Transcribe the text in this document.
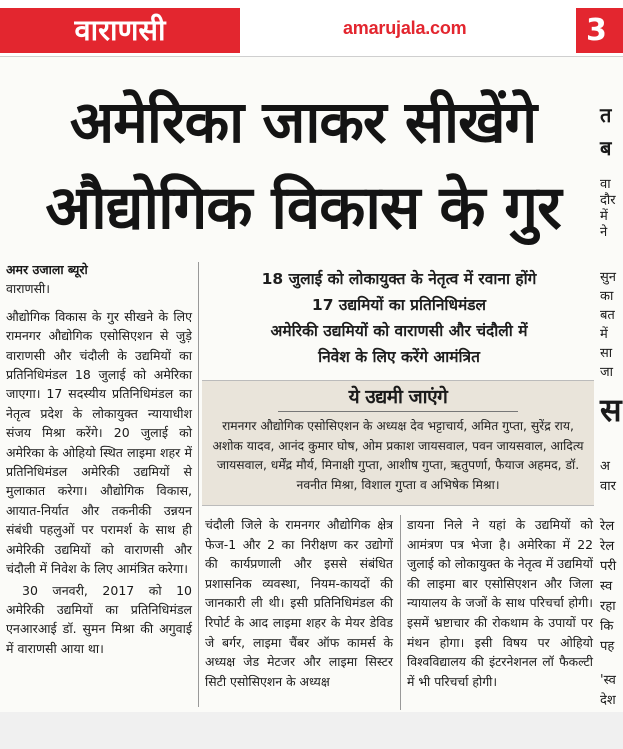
वाराणसी	amarujala.com	3
त
ब
वा
दौर
में
ने
सुन
का
बत
में
सा
जा
स
अ
वार
रेल
रेल
परी
स्व
रहा
कि
पह
'स्व
देश
अमेरिका जाकर सीखेंगे
औद्योगिक विकास के गुर
अमर उजाला ब्यूरो
वाराणसी।

औद्योगिक विकास के गुर सीखने के लिए रामनगर औद्योगिक एसोसिएशन से जुड़े वाराणसी और चंदौली के उद्यमियों का प्रतिनिधिमंडल 18 जुलाई को अमेरिका जाएगा। 17 सदस्यीय प्रतिनिधिमंडल का नेतृत्व प्रदेश के लोकायुक्त न्यायाधीश संजय मिश्रा करेंगे। 20 जुलाई को अमेरिका के ओहियो स्थित लाइमा शहर में प्रतिनिधिमंडल अमेरिकी उद्यमियों से मुलाकात करेगा। औद्योगिक विकास, आयात-निर्यात और तकनीकी उन्नयन संबंधी पहलुओं पर परामर्श के साथ ही अमेरिकी उद्यमियों को वाराणसी और चंदौली में निवेश के लिए आमंत्रित करेगा।

30 जनवरी, 2017 को 10 अमेरिकी उद्यमियों का प्रतिनिधिमंडल एनआरआई डॉ. सुमन मिश्रा की अगुवाई में वाराणसी आया था।

18 जुलाई को लोकायुक्त के नेतृत्व में रवाना होंगे
17 उद्यमियों का प्रतिनिधिमंडल
अमेरिकी उद्यमियों को वाराणसी और चंदौली में
निवेश के लिए करेंगे आमंत्रित
ये उद्यमी जाएंगे
रामनगर औद्योगिक एसोसिएशन के अध्यक्ष देव भट्टाचार्य, अमित गुप्ता, सुरेंद्र राय, अशोक यादव, आनंद कुमार घोष, ओम प्रकाश जायसवाल, पवन जायसवाल, आदित्य जायसवाल, धर्मेंद्र मौर्य, मिनाक्षी गुप्ता, आशीष गुप्ता, ऋतुपर्णा, फैयाज अहमद, डॉ. नवनीत मिश्रा, विशाल गुप्ता व अभिषेक मिश्रा।
चंदौली जिले के रामनगर औद्योगिक क्षेत्र फेज-1 और 2 का निरीक्षण कर उद्योगों की कार्यप्रणाली और इससे संबंधित प्रशासनिक व्यवस्था, नियम-कायदों की जानकारी ली थी। इसी प्रतिनिधिमंडल की रिपोर्ट के आद लाइमा शहर के मेयर डेविड जे बर्गर, लाइमा चैंबर ऑफ कामर्स के अध्यक्ष जेड मेटजर और लाइमा सिस्टर सिटी एसोसिएशन के अध्यक्ष
डायना निले ने यहां के उद्यमियों को आमंत्रण पत्र भेजा है। अमेरिका में 22 जुलाई को लोकायुक्त के नेतृत्व में उद्यमियों की लाइमा बार एसोसिएशन और जिला न्यायालय के जजों के साथ परिचर्चा होगी। इसमें भ्रष्टाचार की रोकथाम के उपायों पर मंथन होगा। इसी विषय पर ओहियो विश्वविद्यालय की इंटरनेशनल लॉ फैकल्टी में भी परिचर्चा होगी।
